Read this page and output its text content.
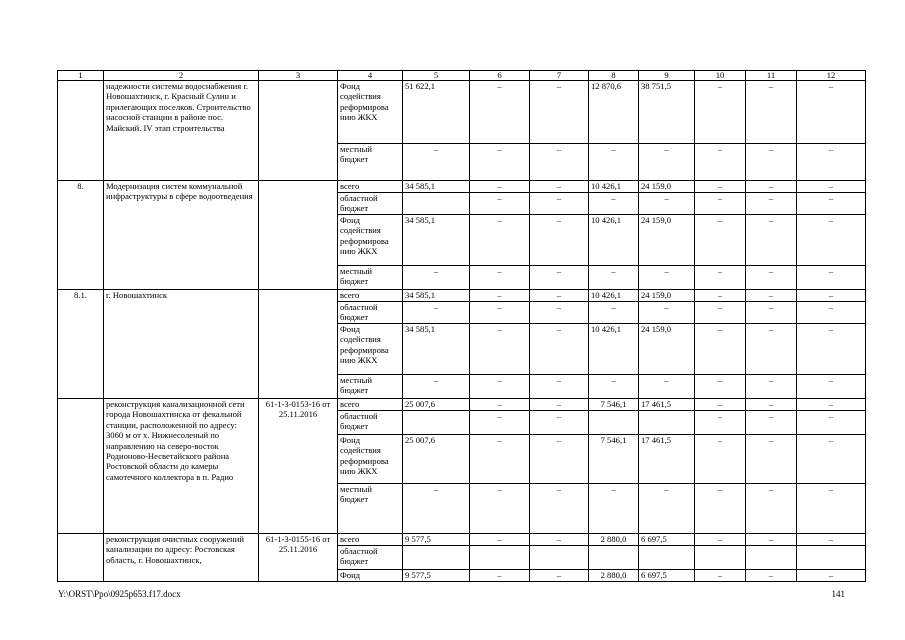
1	2	3	4	5	6	7	8	9	10	11	12
	надежности системы водоснабжения г. Новошахтинск, г. Красный Сулин и прилегающих поселков. Строительство насосной станции в районе пос. Майский. IV этап строительства		Фонд содействия реформирова нию ЖКХ	51 622,1	–	–	12 870,6	38 751,5	–	–	–
			местный бюджет	–	–	–	–	–	–	–	–
8.	Модернизация систем коммунальной инфраструктуры в сфере водоотведения		всего	34 585,1	–	–	10 426,1	24 159,0	–	–	–
			областной бюджет		–	–	–	–	–	–	–
			Фонд содействия реформирова нию ЖКХ	34 585,1	–	–	10 426,1	24 159,0	–	–	–
			местный бюджет	–	–	–	–	–	–	–	–
8.1.	г. Новошахтинск		всего	34 585,1	–	–	10 426,1	24 159,0	–	–	–
			областной бюджет	–	–	–	–	–	–	–	–
			Фонд содействия реформирова нию ЖКХ	34 585,1	–	–	10 426,1	24 159,0	–	–	–
			местный бюджет	–	–	–	–	–	–	–	–
	реконструкция канализационной сети города Новошахтинска от фекальной станции, расположенной по адресу: 3060 м от х. Нижнесоленый по направлению на северо-восток Родионово-Несветайского района Ростовской области до камеры самотечного коллектора в п. Радио	61-1-3-0153-16 от 25.11.2016	всего	25 007,6	–	–	7 546,1	17 461,5	–	–	–
			областной бюджет		–	–			–	–	–
			Фонд содействия реформирова нию ЖКХ	25 007,6	–	–	7 546,1	17 461,5	–	–	–
			местный бюджет	–	–	–	–	–	–	–	–
	реконструкция очистных сооружений канализации по адресу: Ростовская область, г. Новошахтинск,	61-1-3-0155-16 от 25.11.2016	всего	9 577,5	–	–	2 880,0	6 697,5	–	–	–
			областной бюджет								
			Фонд	9 577,5	–	–	2 880,0	6 697,5	–	–	–
Y:\ORST\Ppo\0925p653.f17.docx	141
